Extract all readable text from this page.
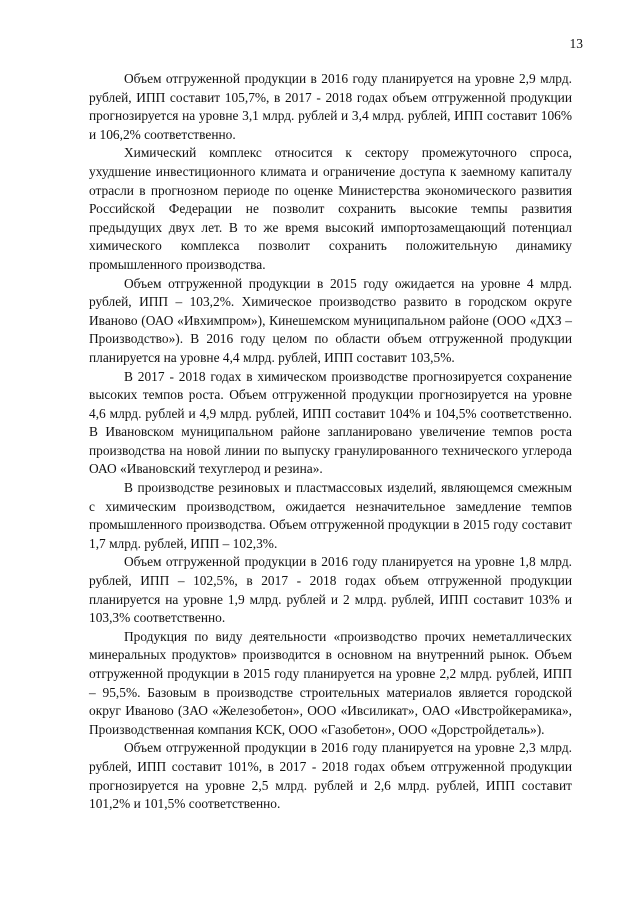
13

Объем отгруженной продукции в 2016 году планируется на уровне 2,9 млрд. рублей, ИПП составит 105,7%, в 2017 - 2018 годах объем отгруженной продукции прогнозируется на уровне 3,1 млрд. рублей и 3,4 млрд. рублей, ИПП составит 106% и 106,2% соответственно.

Химический комплекс относится к сектору промежуточного спроса, ухудшение инвестиционного климата и ограничение доступа к заемному капиталу отрасли в прогнозном периоде по оценке Министерства экономического развития Российской Федерации не позволит сохранить высокие темпы развития предыдущих двух лет. В то же время высокий импортозамещающий потенциал химического комплекса позволит сохранить положительную динамику промышленного производства.

Объем отгруженной продукции в 2015 году ожидается на уровне 4 млрд. рублей, ИПП – 103,2%. Химическое производство развито в городском округе Иваново (ОАО «Ивхимпром»), Кинешемском муниципальном районе (ООО «ДХЗ – Производство»). В 2016 году целом по области объем отгруженной продукции планируется на уровне 4,4 млрд. рублей, ИПП составит 103,5%.

В 2017 - 2018 годах в химическом производстве прогнозируется сохранение высоких темпов роста. Объем отгруженной продукции прогнозируется на уровне 4,6 млрд. рублей и 4,9 млрд. рублей, ИПП составит 104% и 104,5% соответственно. В Ивановском муниципальном районе запланировано увеличение темпов роста производства на новой линии по выпуску гранулированного технического углерода ОАО «Ивановский техуглерод и резина».

В производстве резиновых и пластмассовых изделий, являющемся смежным с химическим производством, ожидается незначительное замедление темпов промышленного производства. Объем отгруженной продукции в 2015 году составит 1,7 млрд. рублей, ИПП – 102,3%.

Объем отгруженной продукции в 2016 году планируется на уровне 1,8 млрд. рублей, ИПП – 102,5%, в 2017 - 2018 годах объем отгруженной продукции планируется на уровне 1,9 млрд. рублей и 2 млрд. рублей, ИПП составит 103% и 103,3% соответственно.

Продукция по виду деятельности «производство прочих неметаллических минеральных продуктов» производится в основном на внутренний рынок. Объем отгруженной продукции в 2015 году планируется на уровне 2,2 млрд. рублей, ИПП – 95,5%. Базовым в производстве строительных материалов является городской округ Иваново (ЗАО «Железобетон», ООО «Ивсиликат», ОАО «Ивстройкерамика», Производственная компания КСК, ООО «Газобетон», ООО «Дорстройдеталь»).

Объем отгруженной продукции в 2016 году планируется на уровне 2,3 млрд. рублей, ИПП составит 101%, в 2017 - 2018 годах объем отгруженной продукции прогнозируется на уровне 2,5 млрд. рублей и 2,6 млрд. рублей, ИПП составит 101,2% и 101,5% соответственно.
